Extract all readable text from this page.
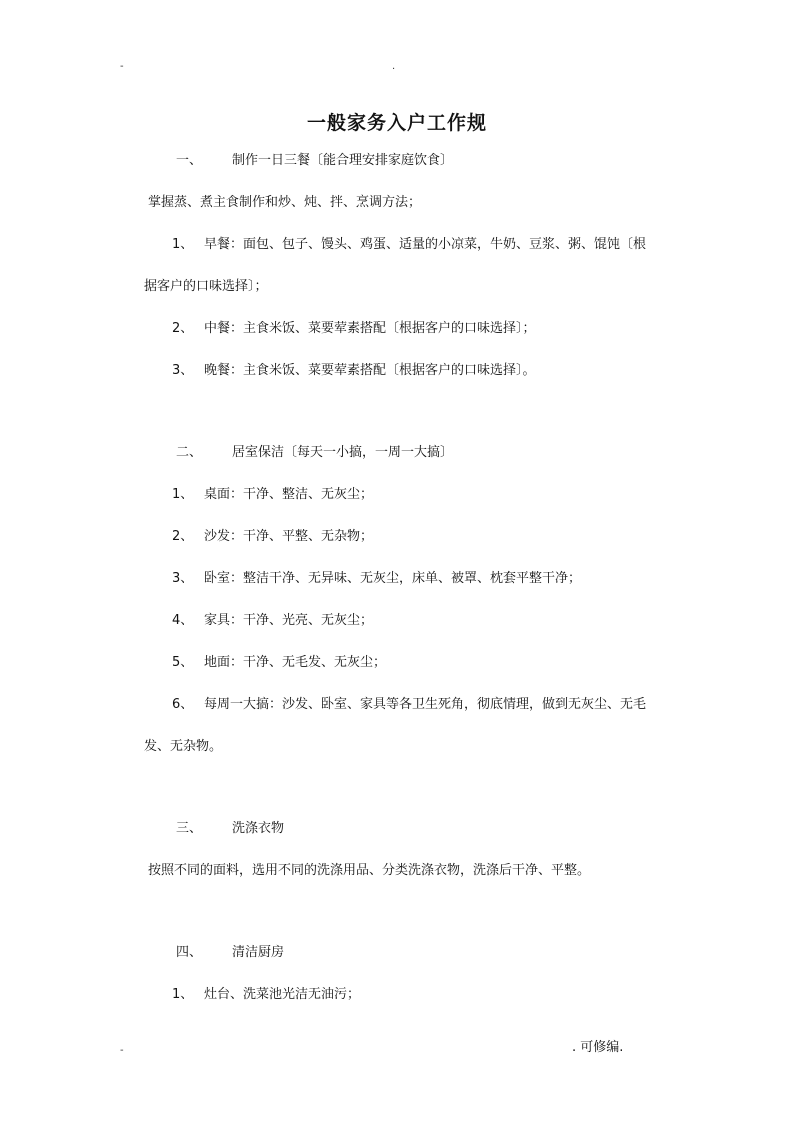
-	.
一般家务入户工作规
一、 制作一日三餐〔能合理安排家庭饮食〕
掌握蒸、煮主食制作和炒、炖、拌、烹调方法；
1、 早餐：面包、包子、馒头、鸡蛋、适量的小凉菜，牛奶、豆浆、粥、馄饨〔根
据客户的口味选择〕；
2、 中餐：主食米饭、菜要荤素搭配〔根据客户的口味选择〕；
3、 晚餐：主食米饭、菜要荤素搭配〔根据客户的口味选择〕。
二、 居室保洁〔每天一小搞，一周一大搞〕
1、 桌面：干净、整洁、无灰尘；
2、 沙发：干净、平整、无杂物；
3、 卧室：整洁干净、无异味、无灰尘，床单、被罩、枕套平整干净；
4、 家具：干净、光亮、无灰尘；
5、 地面：干净、无毛发、无灰尘；
6、 每周一大搞：沙发、卧室、家具等各卫生死角，彻底情理，做到无灰尘、无毛
发、无杂物。
三、 洗涤衣物
按照不同的面料，选用不同的洗涤用品、分类洗涤衣物，洗涤后干净、平整。
四、 清洁厨房
1、 灶台、洗菜池光洁无油污；
-	. 可修编.
